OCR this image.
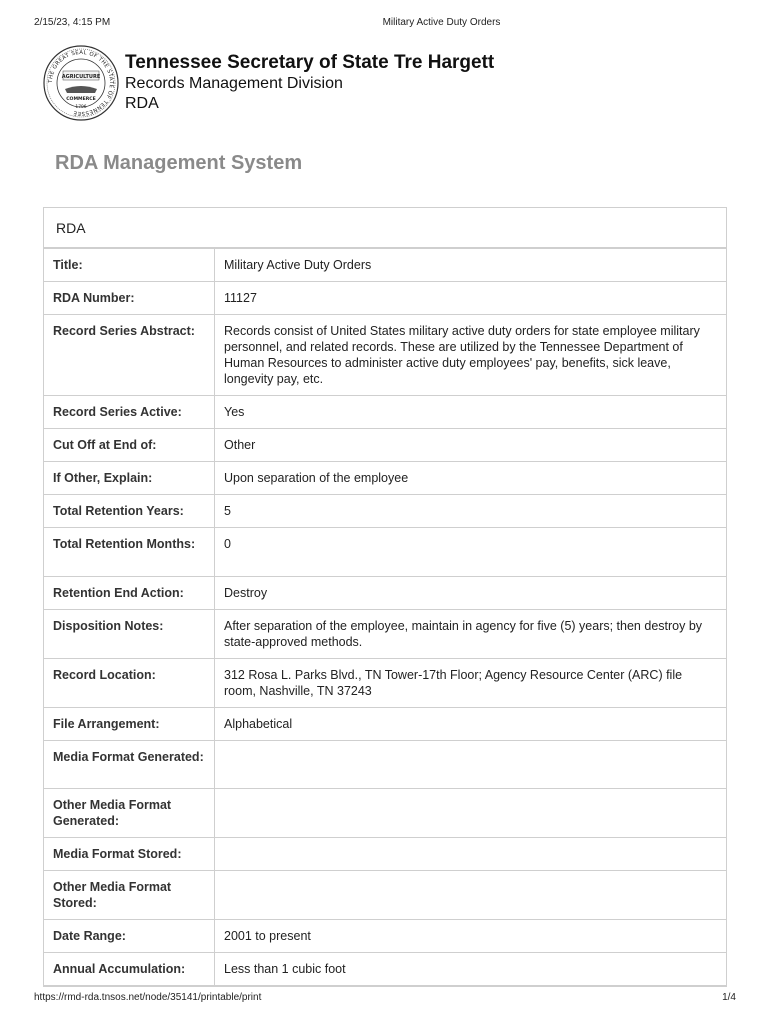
2/15/23, 4:15 PM	Military Active Duty Orders
THE GREAT SEAL OF THE STATE OF TENNESSEE
AGRICULTURE
COMMERCE
1796
Tennessee Secretary of State Tre Hargett
Records Management Division
RDA
RDA Management System
RDA
Title:	Military Active Duty Orders
RDA Number:	11127
Record Series Abstract:	Records consist of United States military active duty orders for state employee military personnel, and related records. These are utilized by the Tennessee Department of Human Resources to administer active duty employees' pay, benefits, sick leave, longevity pay, etc.
Record Series Active:	Yes
Cut Off at End of:	Other
If Other, Explain:	Upon separation of the employee
Total Retention Years:	5
Total Retention Months:	0
Retention End Action:	Destroy
Disposition Notes:	After separation of the employee, maintain in agency for five (5) years; then destroy by state-approved methods.
Record Location:	312 Rosa L. Parks Blvd., TN Tower-17th Floor; Agency Resource Center (ARC) file room, Nashville, TN 37243
File Arrangement:	Alphabetical
Media Format Generated:	
Other Media Format Generated:	
Media Format Stored:	
Other Media Format Stored:	
Date Range:	2001 to present
Annual Accumulation:	Less than 1 cubic foot
https://rmd-rda.tnsos.net/node/35141/printable/print	1/4
